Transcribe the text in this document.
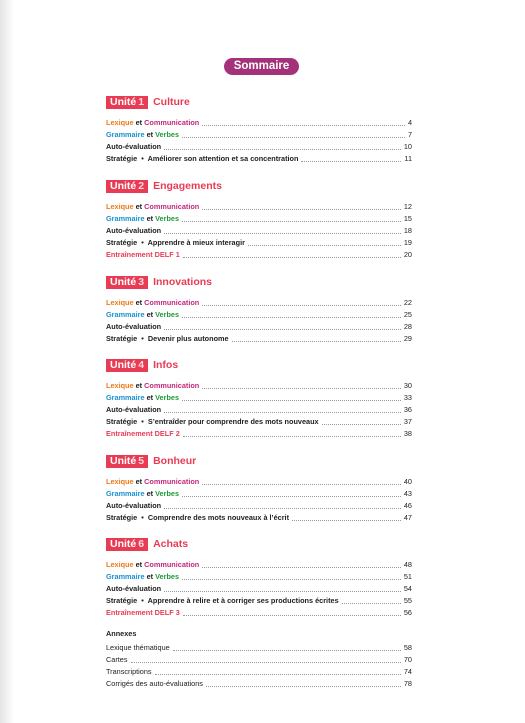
Sommaire
Unité 1 Culture
Lexique et Communication	4
Grammaire et Verbes	7
Auto-évaluation	10
Stratégie  •  Améliorer son attention et sa concentration	11
Unité 2 Engagements
Lexique et Communication	12
Grammaire et Verbes	15
Auto-évaluation	18
Stratégie  •  Apprendre à mieux interagir	19
Entraînement DELF 1	20
Unité 3 Innovations
Lexique et Communication	22
Grammaire et Verbes	25
Auto-évaluation	28
Stratégie  •  Devenir plus autonome	29
Unité 4 Infos
Lexique et Communication	30
Grammaire et Verbes	33
Auto-évaluation	36
Stratégie  •  S’entraîder pour comprendre des mots nouveaux	37
Entraînement DELF 2	38
Unité 5 Bonheur
Lexique et Communication	40
Grammaire et Verbes	43
Auto-évaluation	46
Stratégie  •  Comprendre des mots nouveaux à l’écrit	47
Unité 6 Achats
Lexique et Communication	48
Grammaire et Verbes	51
Auto-évaluation	54
Stratégie  •  Apprendre à relire et à corriger ses productions écrites	55
Entraînement DELF 3	56
Annexes
Lexique thématique	58
Cartes	70
Transcriptions	74
Corrigés des auto-évaluations	78
